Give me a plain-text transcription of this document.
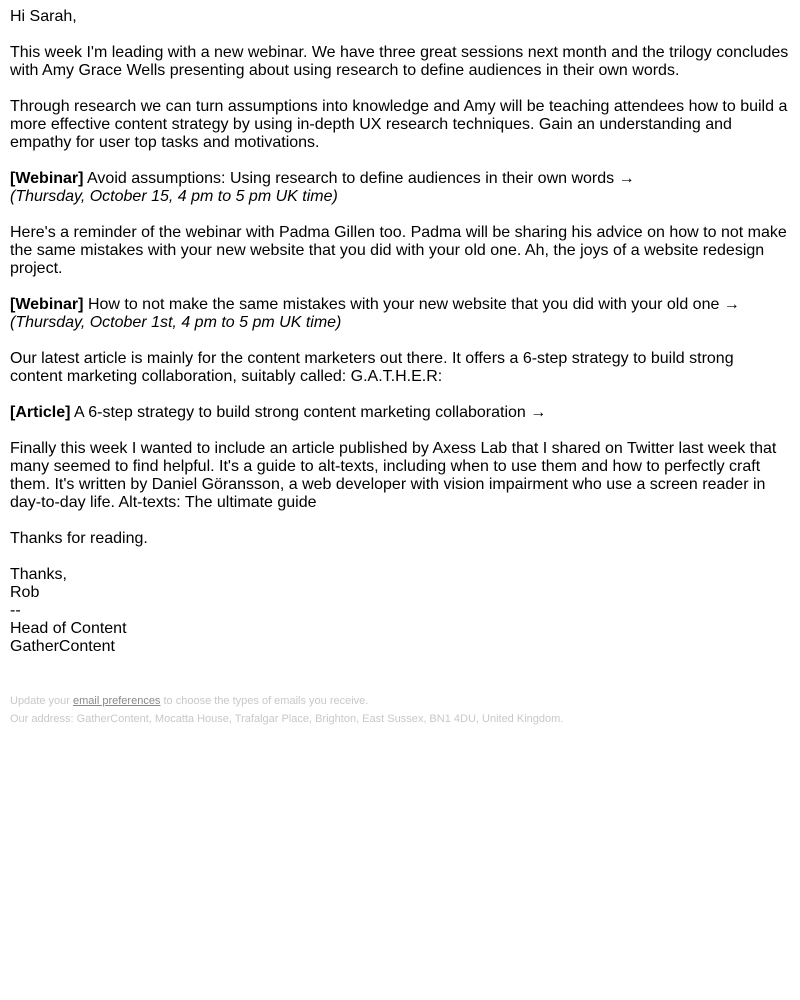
Hi Sarah,

This week I'm leading with a new webinar. We have three great sessions next month and the trilogy concludes with Amy Grace Wells presenting about using research to define audiences in their own words.

Through research we can turn assumptions into knowledge and Amy will be teaching attendees how to build a more effective content strategy by using in-depth UX research techniques. Gain an understanding and empathy for user top tasks and motivations.

[Webinar] Avoid assumptions: Using research to define audiences in their own words →
(Thursday, October 15, 4 pm to 5 pm UK time)

Here's a reminder of the webinar with Padma Gillen too. Padma will be sharing his advice on how to not make the same mistakes with your new website that you did with your old one. Ah, the joys of a website redesign project.

[Webinar] How to not make the same mistakes with your new website that you did with your old one →
(Thursday, October 1st, 4 pm to 5 pm UK time)

Our latest article is mainly for the content marketers out there. It offers a 6-step strategy to build strong content marketing collaboration, suitably called: G.A.T.H.E.R:

[Article] A 6-step strategy to build strong content marketing collaboration →

Finally this week I wanted to include an article published by Axess Lab that I shared on Twitter last week that many seemed to find helpful. It's a guide to alt-texts, including when to use them and how to perfectly craft them. It's written by Daniel Göransson, a web developer with vision impairment who use a screen reader in day-to-day life. Alt-texts: The ultimate guide

Thanks for reading.

Thanks,

Rob

--

Head of Content

GatherContent

Update your email preferences to choose the types of emails you receive.

Our address: GatherContent, Mocatta House, Trafalgar Place, Brighton, East Sussex, BN1 4DU, United Kingdom.
